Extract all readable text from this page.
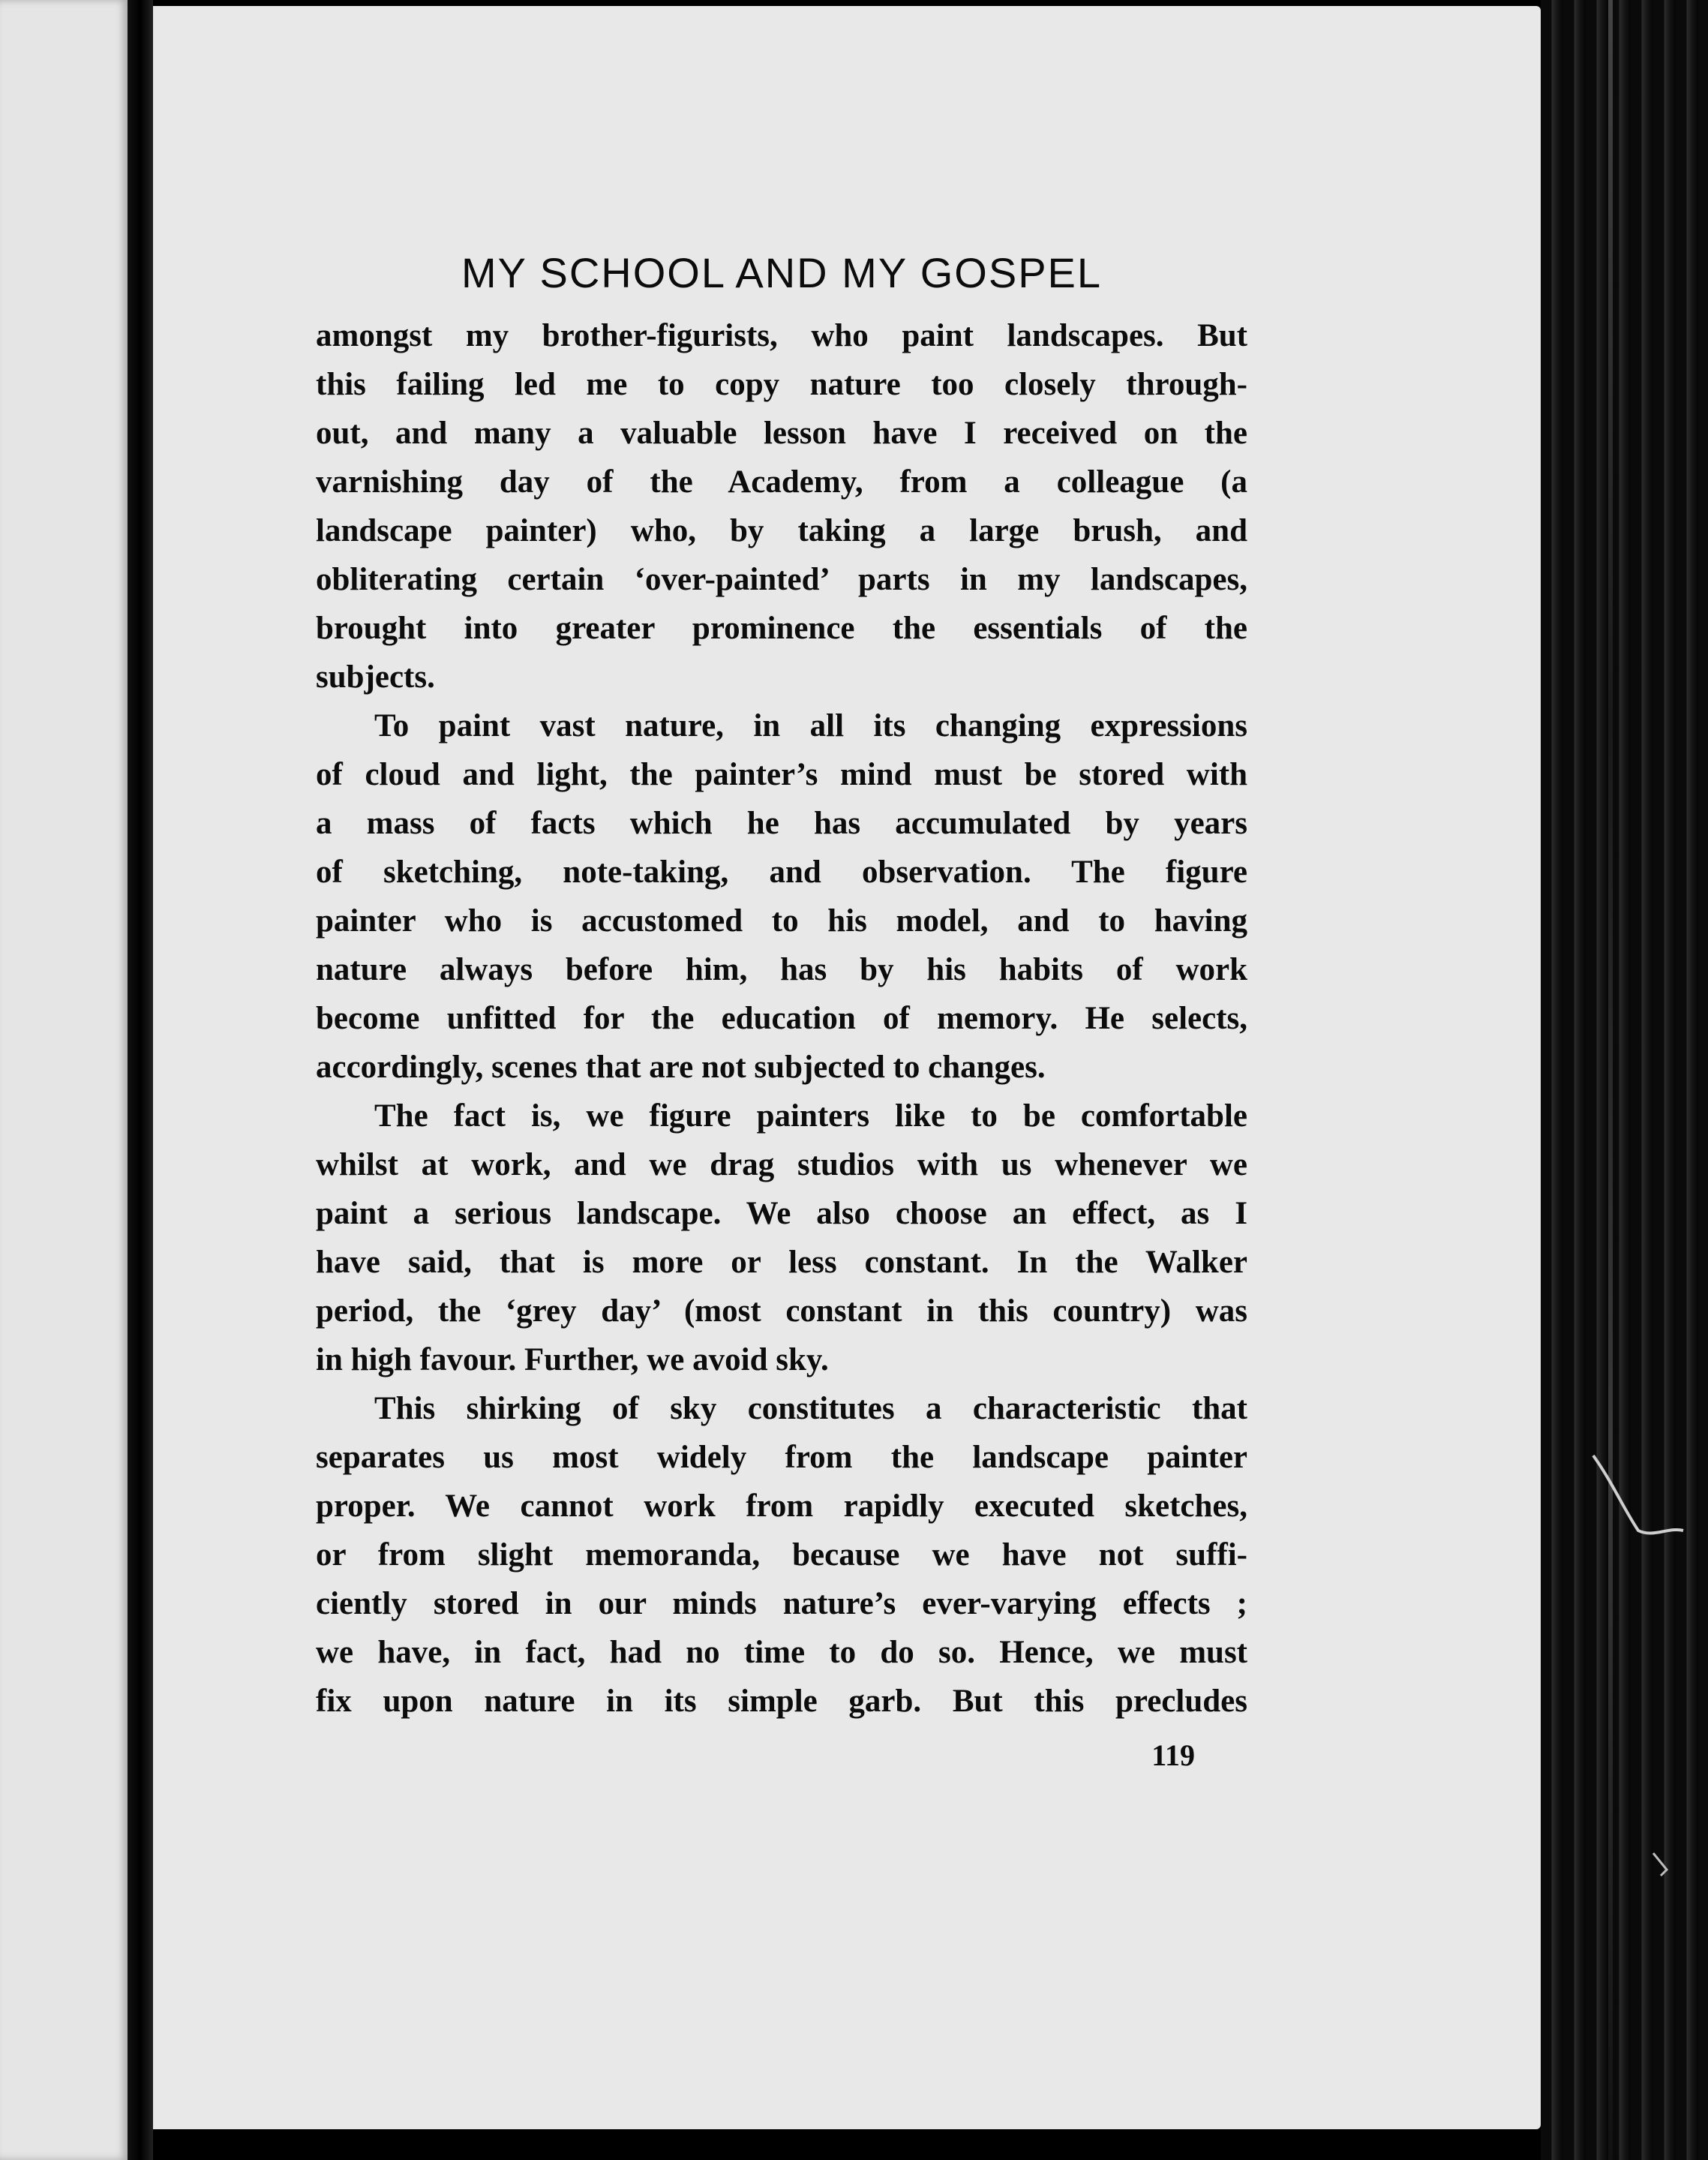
MY SCHOOL AND MY GOSPEL
amongst my brother-figurists, who paint landscapes. But
this failing led me to copy nature too closely through-
out, and many a valuable lesson have I received on the
varnishing day of the Academy, from a colleague (a
landscape painter) who, by taking a large brush, and
obliterating certain ‘over-painted’ parts in my landscapes,
brought into greater prominence the essentials of the
subjects.
To paint vast nature, in all its changing expressions
of cloud and light, the painter’s mind must be stored with
a mass of facts which he has accumulated by years
of sketching, note-taking, and observation. The figure
painter who is accustomed to his model, and to having
nature always before him, has by his habits of work
become unfitted for the education of memory. He selects,
accordingly, scenes that are not subjected to changes.
The fact is, we figure painters like to be comfortable
whilst at work, and we drag studios with us whenever we
paint a serious landscape. We also choose an effect, as I
have said, that is more or less constant. In the Walker
period, the ‘grey day’ (most constant in this country) was
in high favour. Further, we avoid sky.
This shirking of sky constitutes a characteristic that
separates us most widely from the landscape painter
proper. We cannot work from rapidly executed sketches,
or from slight memoranda, because we have not suffi-
ciently stored in our minds nature’s ever-varying effects ;
we have, in fact, had no time to do so. Hence, we must
fix upon nature in its simple garb. But this precludes
119
